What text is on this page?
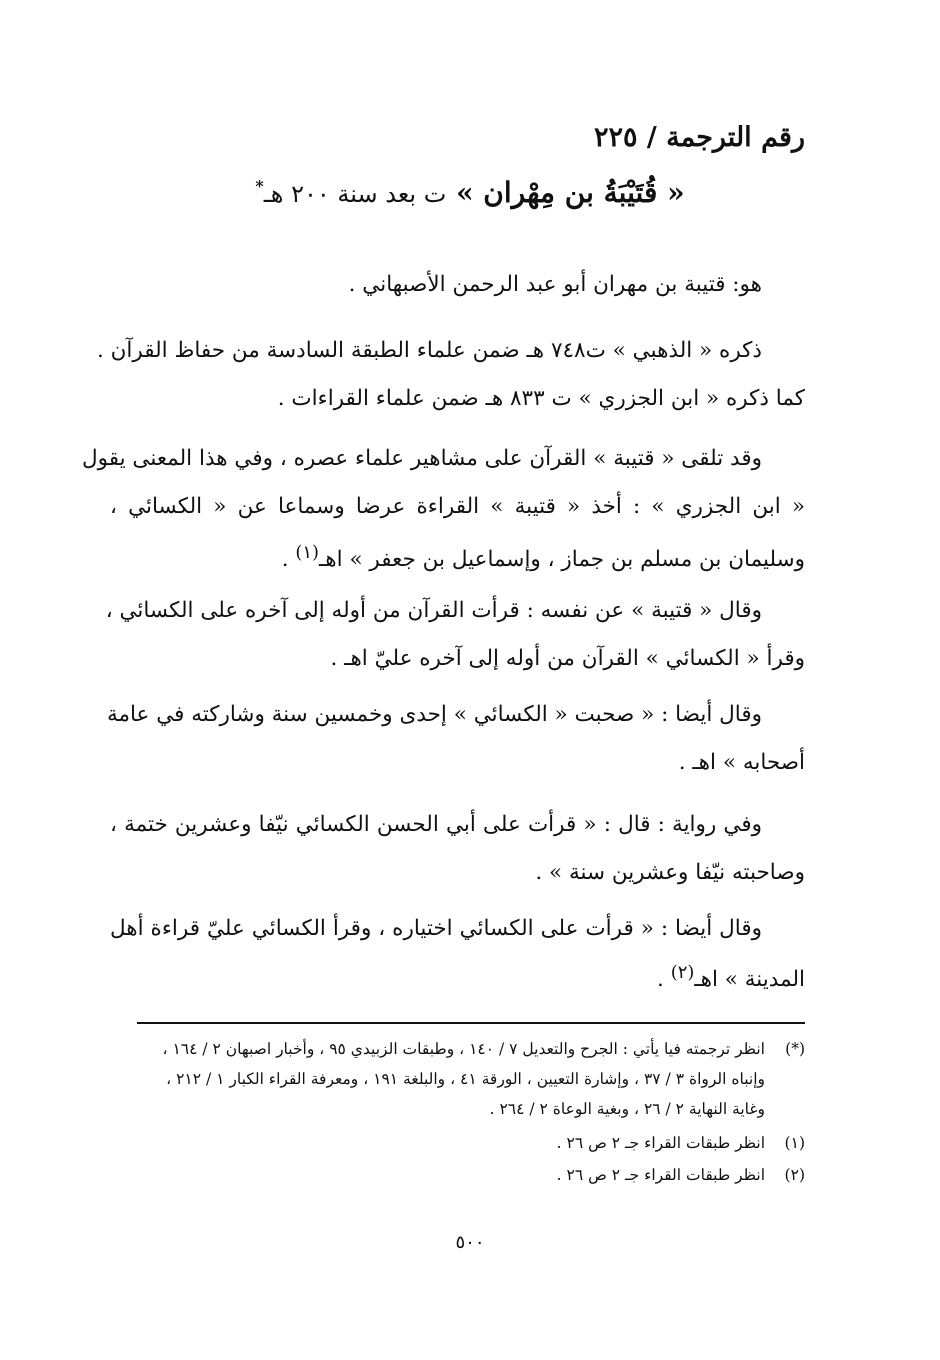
رقم الترجمة / ٢٢٥
« قُتَيْبَةُ بن مِهْران » ت بعد سنة ٢٠٠ هـ*
هو: قتيبة بن مهران أبو عبد الرحمن الأصبهاني .
ذكره « الذهبي » ت٧٤٨ هـ ضمن علماء الطبقة السادسة من حفاظ القرآن .
كما ذكره « ابن الجزري » ت ٨٣٣ هـ ضمن علماء القراءات .
وقد تلقى « قتيبة » القرآن على مشاهير علماء عصره ، وفي هذا المعنى يقول
« ابن الجزري » : أخذ « قتيبة » القراءة عرضا وسماعا عن « الكسائي ،
وسليمان بن مسلم بن جماز ، وإسماعيل بن جعفر » اهـ$^{(١)}$ .
وقال « قتيبة » عن نفسه : قرأت القرآن من أوله إلى آخره على الكسائي ،
وقرأ « الكسائي » القرآن من أوله إلى آخره عليّ اهـ .
وقال أيضا : « صحبت « الكسائي » إحدى وخمسين سنة وشاركته في عامة
أصحابه » اهـ .
وفي رواية : قال : « قرأت على أبي الحسن الكسائي نيّفا وعشرين ختمة ،
وصاحبته نيّفا وعشرين سنة » .
وقال أيضا : « قرأت على الكسائي اختياره ، وقرأ الكسائي عليّ قراءة أهل
المدينة » اهـ$^{(٢)}$ .
(*)انظر ترجمته فيا يأتي : الجرح والتعديل ٧ / ١٤٠ ، وطبقات الزبيدي ٩٥ ، وأخبار اصبهان ٢ / ١٦٤ ،
وإنباه الرواة ٣ / ٣٧ ، وإشارة التعيين ، الورقة ٤١ ، والبلغة ١٩١ ، ومعرفة القراء الكبار ١ / ٢١٢ ،
وغاية النهاية ٢ / ٢٦ ، وبغية الوعاة ٢ / ٢٦٤ .
(١)انظر طبقات القراء جـ ٢ ص ٢٦ .
(٢)انظر طبقات القراء جـ ٢ ص ٢٦ .
٥٠٠
